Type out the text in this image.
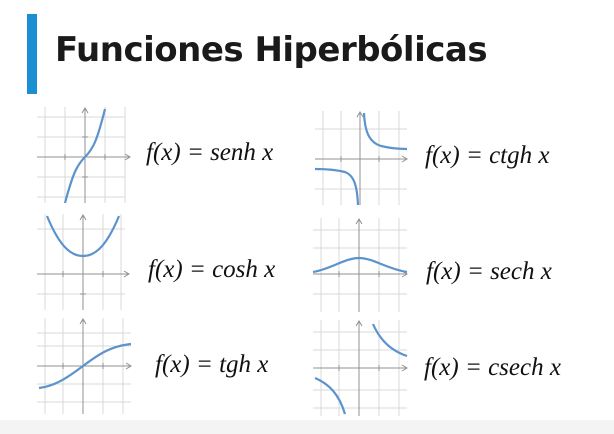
Funciones Hiperbólicas
f(x) = senh x	f(x) = ctgh x
f(x) = cosh x	f(x) = sech x
f(x) = tgh x	f(x) = csech x
